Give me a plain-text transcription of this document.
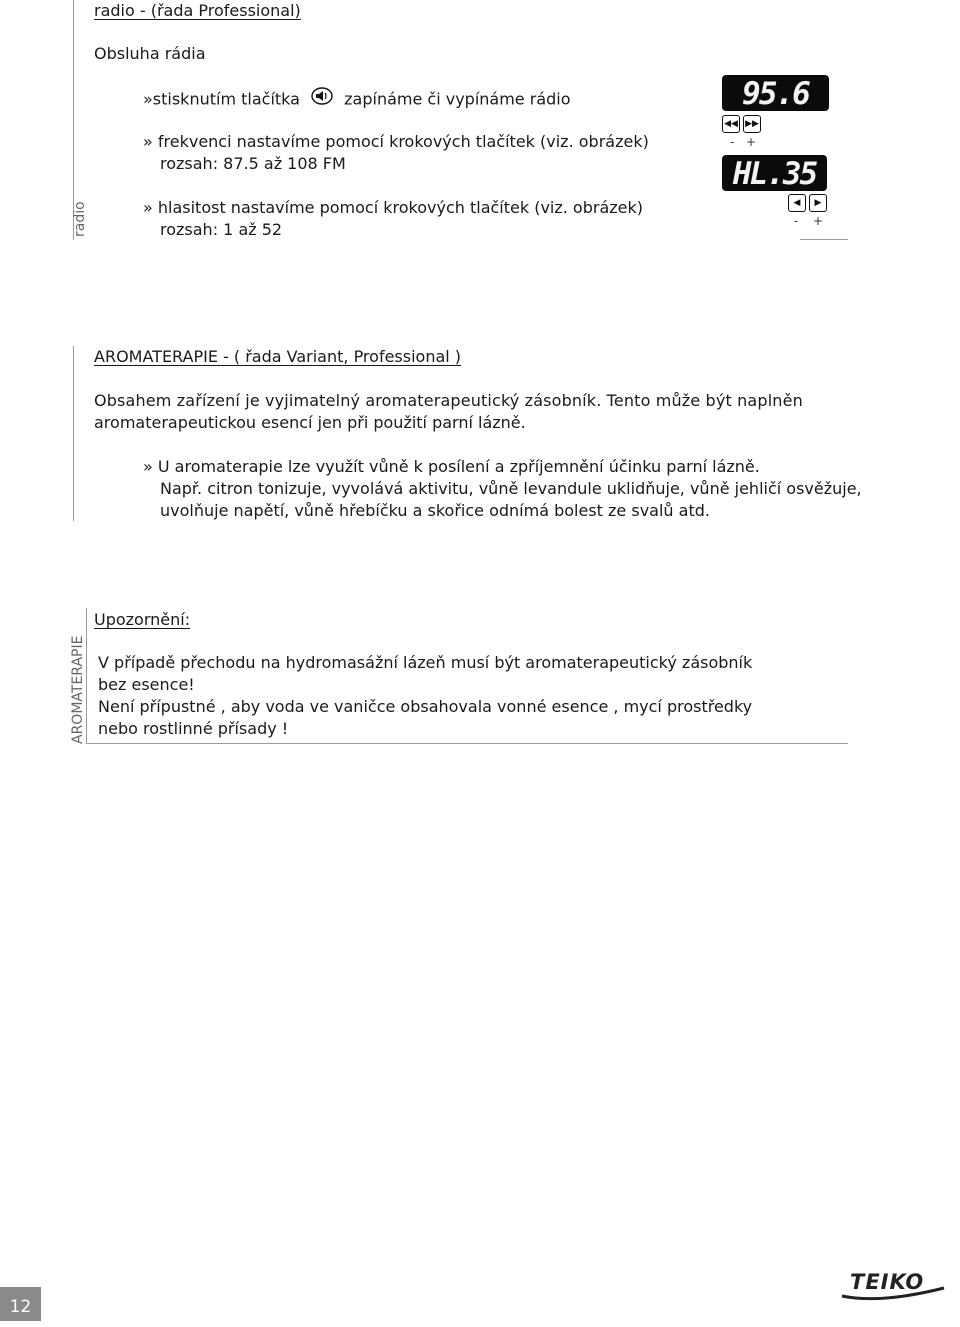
radio
radio - (řada Professional)
Obsluha rádia
»stisknutím tlačítka	zapínáme či vypínáme rádio
» frekvenci nastavíme pomocí krokových tlačítek (viz. obrázek)
rozsah: 87.5 až 108 FM
» hlasitost nastavíme pomocí krokových tlačítek (viz. obrázek)
rozsah: 1 až 52
95.6
◀◀ ▶▶
- +
HL.35
◀	▶
- +
AROMATERAPIE - ( řada Variant, Professional )
Obsahem zařízení je vyjimatelný aromaterapeutický zásobník. Tento může být naplněn
aromaterapeutickou esencí jen při použití parní lázně.
» U aromaterapie lze využít vůně k posílení a zpříjemnění účinku parní lázně.
Např. citron tonizuje, vyvolává aktivitu, vůně levandule uklidňuje, vůně jehličí osvěžuje,
uvolňuje napětí, vůně hřebíčku a skořice odnímá bolest ze svalů atd.
AROMATERAPIE
Upozornění:
V případě přechodu na hydromasážní lázeň musí být aromaterapeutický zásobník
bez esence!
Není přípustné , aby voda ve vaničce obsahovala vonné esence , mycí prostředky
nebo rostlinné přísady !
12
TEIKO
